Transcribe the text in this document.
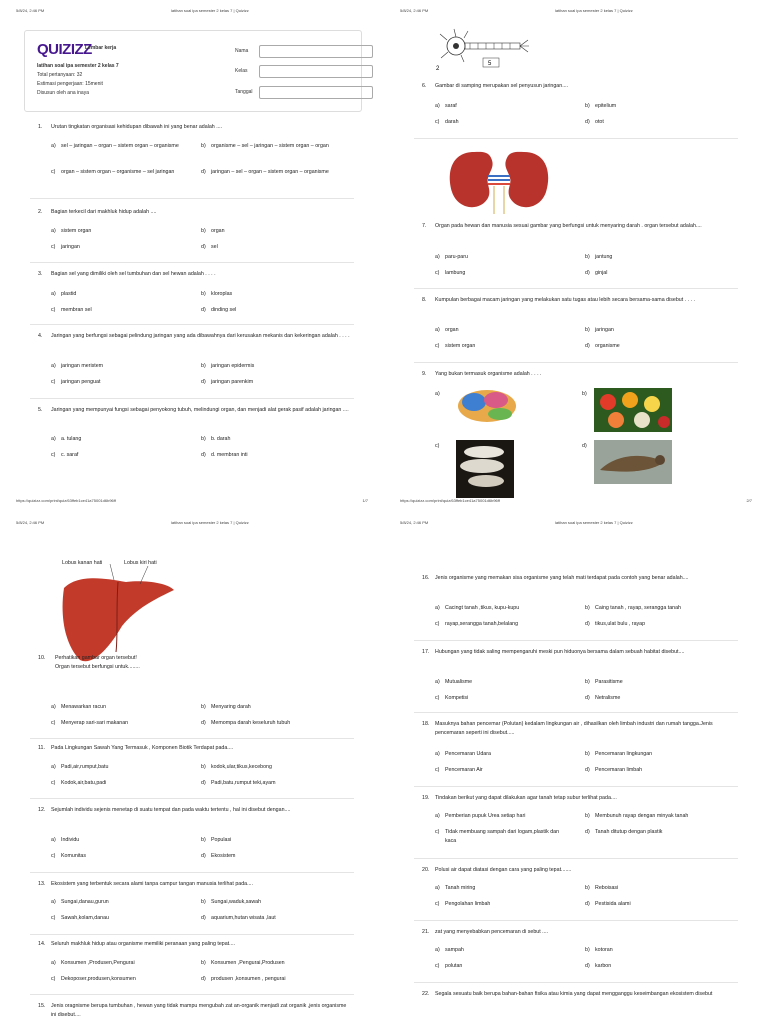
5/8/24, 2:46 PM	latihan soal ipa semester 2 kelas 7 | Quizizz
QUIZIZZ
Lembar kerja
latihan soal ipa semester 2 kelas 7
Total pertanyaan: 32
Estimasi pengerjaan: 15menit
Disusun oleh ana inaya
Nama
Kelas
Tanggal
1. Urutan tingkatan organisasi kehidupan dibawah ini yang benar adalah ....
a) sel – jaringan – organ – sistem organ – organisme	b) organisme – sel – jaringan – sistem organ – organ
c) organ – sistem organ – organisme – sel jaringan	d) jaringan – sel – organ – sistem organ – organisme
2. Bagian terkecil dari makhluk hidup adalah ....
a) sistem organ	b) organ
c) jaringan	d) sel
3. Bagian sel yang dimiliki oleh sel tumbuhan dan sel hewan adalah . . . .
a) plastid	b) kloroplas
c) membran sel	d) dinding sel
4. Jaringan yang berfungsi sebagai pelindung jaringan yang ada dibawahnya dari kerusakan mekanis dan kekeringan adalah . . . .
a) jaringan meristem	b) jaringan epidermis
c) jaringan penguat	d) jaringan parenkim
5. Jaringan yang mempunyai fungsi sebagai penyokong tubuh, melindungi organ, dan menjadi alat gerak pasif adalah jaringan ....
a) a. tulang	b) b. darah
c) c. saraf	d) d. membran inti
https://quizizz.com/print/quiz/63ffeb1ce41a75001d6b96ff	1/7
5/8/24, 2:46 PM	latihan soal ipa semester 2 kelas 7 | Quizizz
5
2
6. Gambar di samping merupakan sel penyusun jaringan....
a) saraf	b) epitelium
c) darah	d) otot
7. Organ pada hewan dan manusia sesuai gambar yang berfungsi untuk menyaring darah . organ tersebut adalah....
a) paru-paru	b) jantung
c) lambung	d) ginjal
8. Kumpulan berbagai macam jaringan yang melakukan satu tugas atau lebih secara bersama-sama disebut . . . .
a) organ	b) jaringan
c) sistem organ	d) organisme
9. Yang bukan termasuk organisme adalah . . . .
a)	b)
c)	d)
https://quizizz.com/print/quiz/63ffeb1ce41a75001d6b96ff	2/7
5/8/24, 2:46 PM	latihan soal ipa semester 2 kelas 7 | Quizizz
Lobus kanan hati	Lobus kiri hati
10. Perhatikan gambar organ tersebut!
Organ tersebut berfungsi untuk........
a) Menawarkan racun	b) Menyaring darah
c) Menyerap sari-sari makanan	d) Memompa darah keseluruh tubuh
11. Pada Lingkungan Sawah Yang Termasuk , Komponen Biotik Terdapat pada....
a) Padi,air,rumput,batu	b) kodok,ular,tikus,kecebong
c) Kodok,air,batu,padi	d) Padi,batu,rumput teki,ayam
12. Sejumlah individu sejenis menetap di suatu tempat dan pada waktu tertentu , hal ini disebut dengan....
a) Individu	b) Populasi
c) Komunitas	d) Ekosistem
13. Ekosistem yang terbentuk secara alami tanpa campur tangan manusia terlihat pada....
a) Sungai,danau,gurun	b) Sungai,waduk,sawah
c) Sawah,kolam,danau	d) aquarium,hutan wisata ,laut
14. Seluruh makhluk hidup atau organisme memiliki peranaan yang paling tepat....
a) Konsumen ,Produsen,Pengurai	b) Konsumen ,Pengurai,Produsen
c) Dekoposer,produsen,konsumen	d) produsen ,konsumen , pengurai
15. Jenis oragnisme berupa tumbuhan , hewan yang tidak mampu mengubah zat an-organik menjadi zat organik ,jenis organisme ini disebut....
5/8/24, 2:46 PM	latihan soal ipa semester 2 kelas 7 | Quizizz
16. Jenis organisme yang memakan sisa organisme yang telah mati terdapat pada contoh yang benar adalah....
a) Cacingt tanah ,tikus, kupu-kupu	b) Caing tanah , rayap, serangga tanah
c) rayap,serangga tanah,belalang	d) tikus,ulat bulu , rayap
17. Hubungan yang tidak saling mempengaruhi meski pun hiduonya bersama dalam sebuah habitat disebut....
a) Mutualisme	b) Parasitisme
c) Kompetisi	d) Netralisme
18. Masuknya bahan pencemar (Polutan) kedalam lingkungan air , dihasilkan oleh limbah industri dan rumah tangga.Jenis pencemaran seperti ini disebut.....
a) Pencemaran Udara	b) Pencemaran lingkungan
c) Pencemaran Air	d) Pencemaran limbah
19. Tindakan berikut yang dapat dilakukan agar tanah tetap subur terlihat pada....
a) Pemberian pupuk Urea setiap hari	b) Membunuh rayap dengan minyak tanah
c) Tidak membuang sampah dari logam,plastik dan kaca
d) Tanah ditutup dengan plastik
20. Polusi air dapat diatasi dengan cara yang paling tepat.......
a) Tanah miring	b) Reboisasi
c) Pengolahan limbah	d) Pestisida alami
21. zat yang menyebabkan pencemaran di sebut ....
a) sampah	b) kotoran
c) polutan	d) karbon
22. Segala sesuatu baik berupa bahan-bahan fisika atau kimia yang dapat mengganggu keseimbangan ekosistem disebut
